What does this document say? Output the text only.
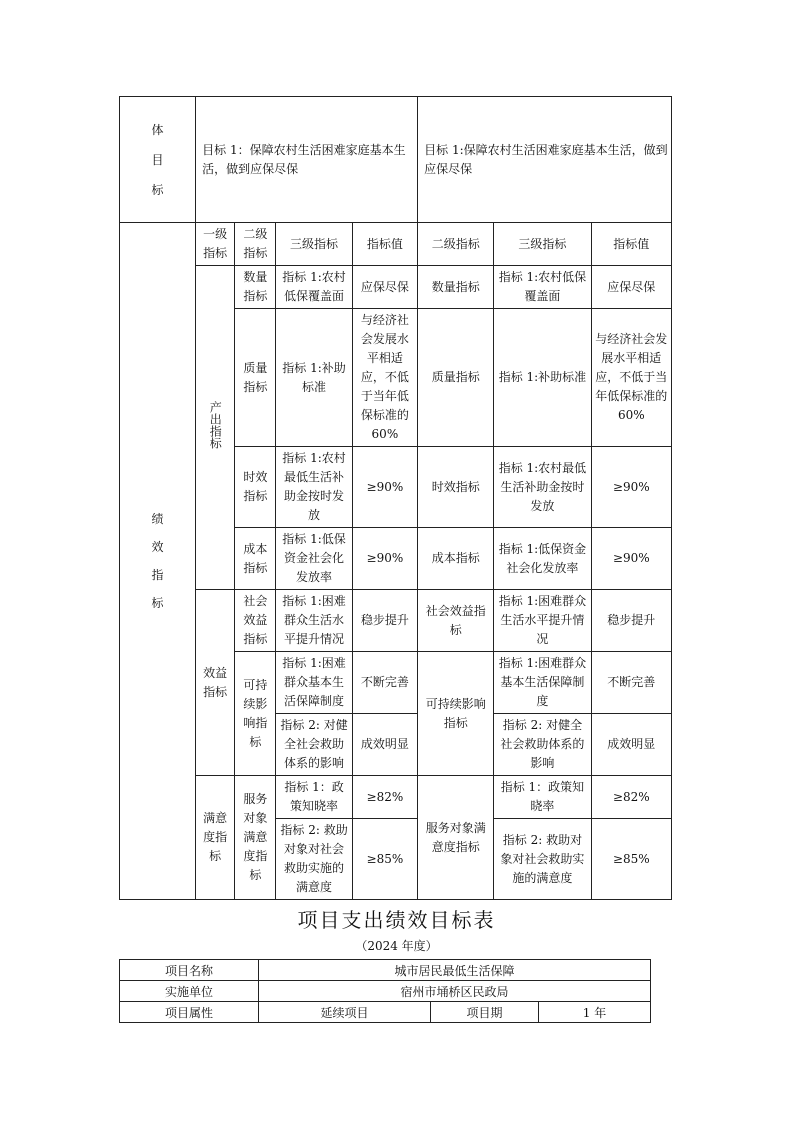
体
目
标	目标 1：保障农村生活困难家庭基本生活，做到应保尽保				目标 1:保障农村生活困难家庭基本生活，做到应保尽保		
绩
效
指
标	一级指标	二级指标	三级指标	指标值	二级指标	三级指标	指标值
	产出指标	数量指标	指标 1:农村低保覆盖面	应保尽保	数量指标	指标 1:农村低保覆盖面	应保尽保
		质量指标	指标 1:补助标准	与经济社会发展水平相适应，不低于当年低保标准的 60%	质量指标	指标 1:补助标准	与经济社会发展水平相适应，不低于当年低保标准的 60%
		时效指标	指标 1:农村最低生活补助金按时发放	≥90%	时效指标	指标 1:农村最低生活补助金按时发放	≥90%
		成本指标	指标 1:低保资金社会化发放率	≥90%	成本指标	指标 1:低保资金社会化发放率	≥90%
	效益指标	社会效益指标	指标 1:困难群众生活水平提升情况	稳步提升	社会效益指标	指标 1:困难群众生活水平提升情况	稳步提升
		可持续影响指标	指标 1:困难群众基本生活保障制度	不断完善	可持续影响 指标	指标 1:困难群众基本生活保障制度	不断完善
			指标 2: 对健全社会救助体系的影响	成效明显		指标 2: 对健全社会救助体系的影响	成效明显
	满意度指标	服务对象满意度指标	指标 1：政策知晓率	≥82%	服务对象满意度指标	指标 1：政策知晓率	≥82%
			指标 2: 救助对象对社会救助实施的满意度	≥85%		指标 2: 救助对象对社会救助实施的满意度	≥85%
项目支出绩效目标表
（2024 年度）
项目名称	城市居民最低生活保障		
实施单位	宿州市埇桥区民政局		
项目属性	延续项目	项目期	1 年
